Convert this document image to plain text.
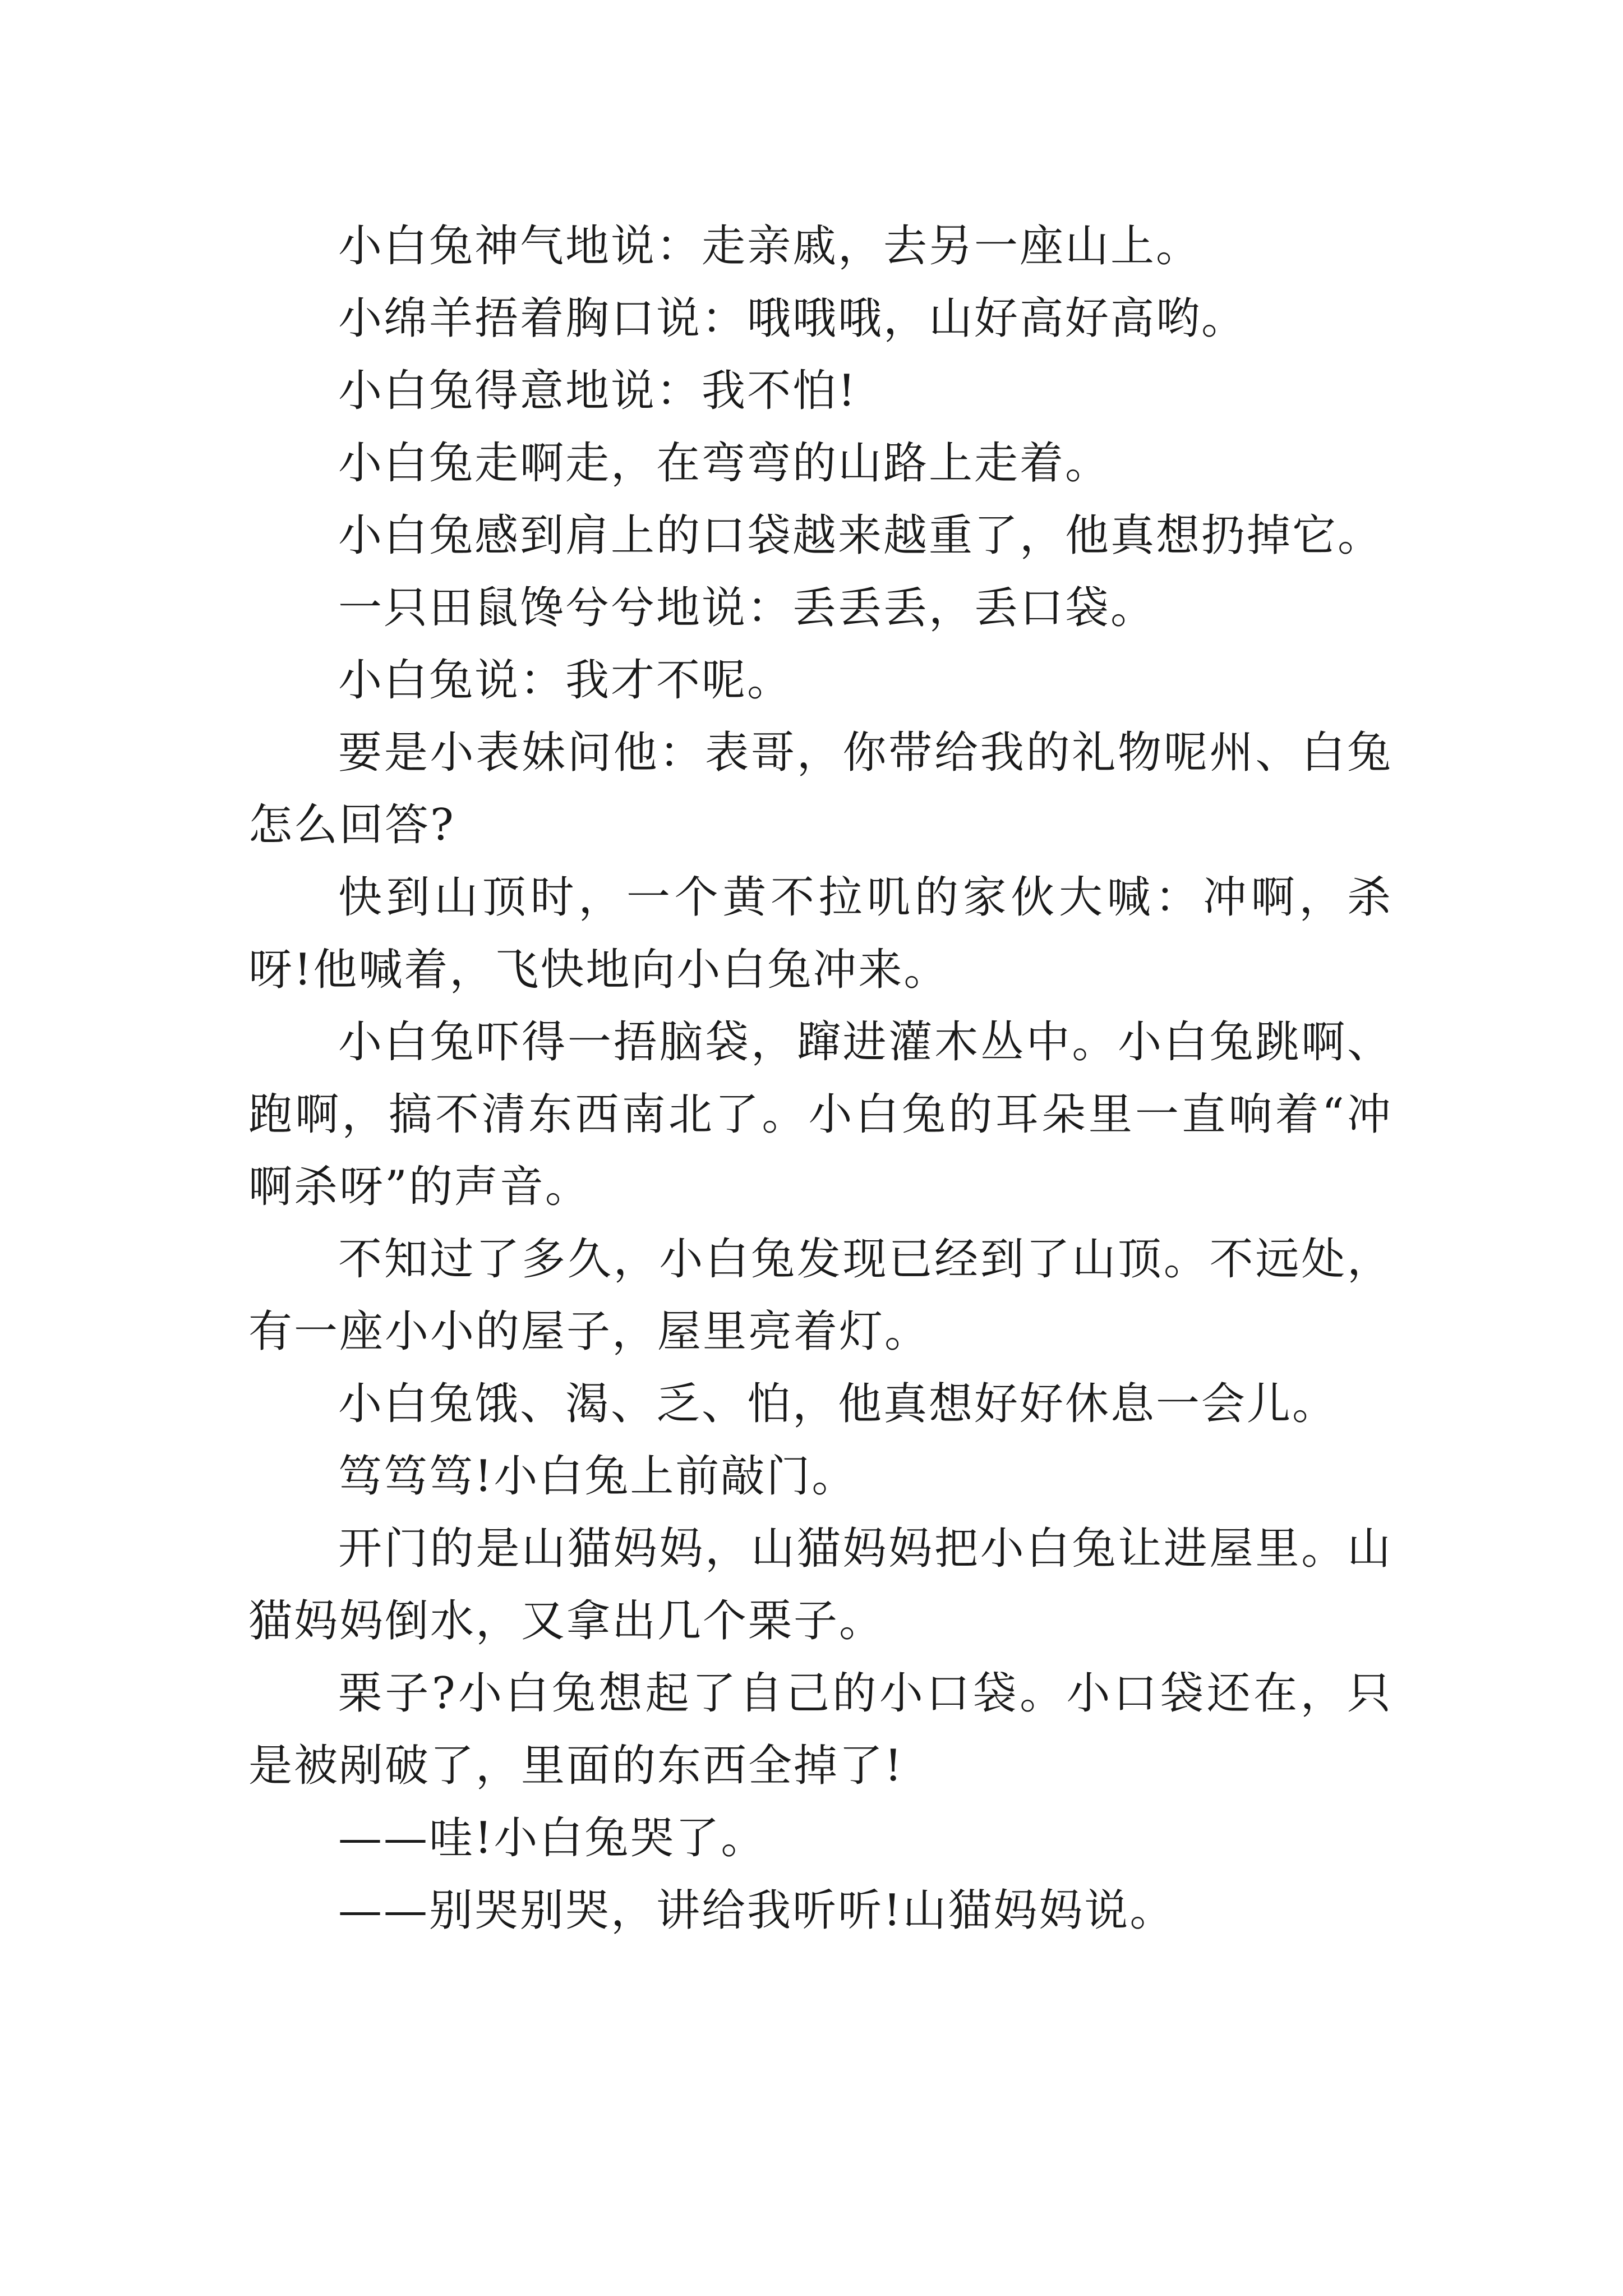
小白兔神气地说：走亲戚，去另一座山上。

小绵羊捂着胸口说：哦哦哦，山好高好高哟。

小白兔得意地说：我不怕!

小白兔走啊走，在弯弯的山路上走着。

小白兔感到肩上的口袋越来越重了，他真想扔掉它。

一只田鼠馋兮兮地说：丢丢丢，丢口袋。

小白兔说：我才不呢。

要是小表妹问他：表哥，你带给我的礼物呢州、白兔怎么回答?

快到山顶时，一个黄不拉叽的家伙大喊：冲啊，杀呀!他喊着，飞快地向小白兔冲来。

小白兔吓得一捂脑袋，蹿进灌木丛中。小白兔跳啊、跑啊，搞不清东西南北了。小白兔的耳朵里一直响着“冲啊杀呀”的声音。

不知过了多久，小白兔发现已经到了山顶。不远处，有一座小小的屋子，屋里亮着灯。

小白兔饿、渴、乏、怕，他真想好好休息一会儿。

笃笃笃!小白兔上前敲门。

开门的是山猫妈妈，山猫妈妈把小白兔让进屋里。山猫妈妈倒水，又拿出几个栗子。

栗子?小白兔想起了自己的小口袋。小口袋还在，只是被剐破了，里面的东西全掉了!

——哇!小白兔哭了。

——别哭别哭，讲给我听听!山猫妈妈说。
